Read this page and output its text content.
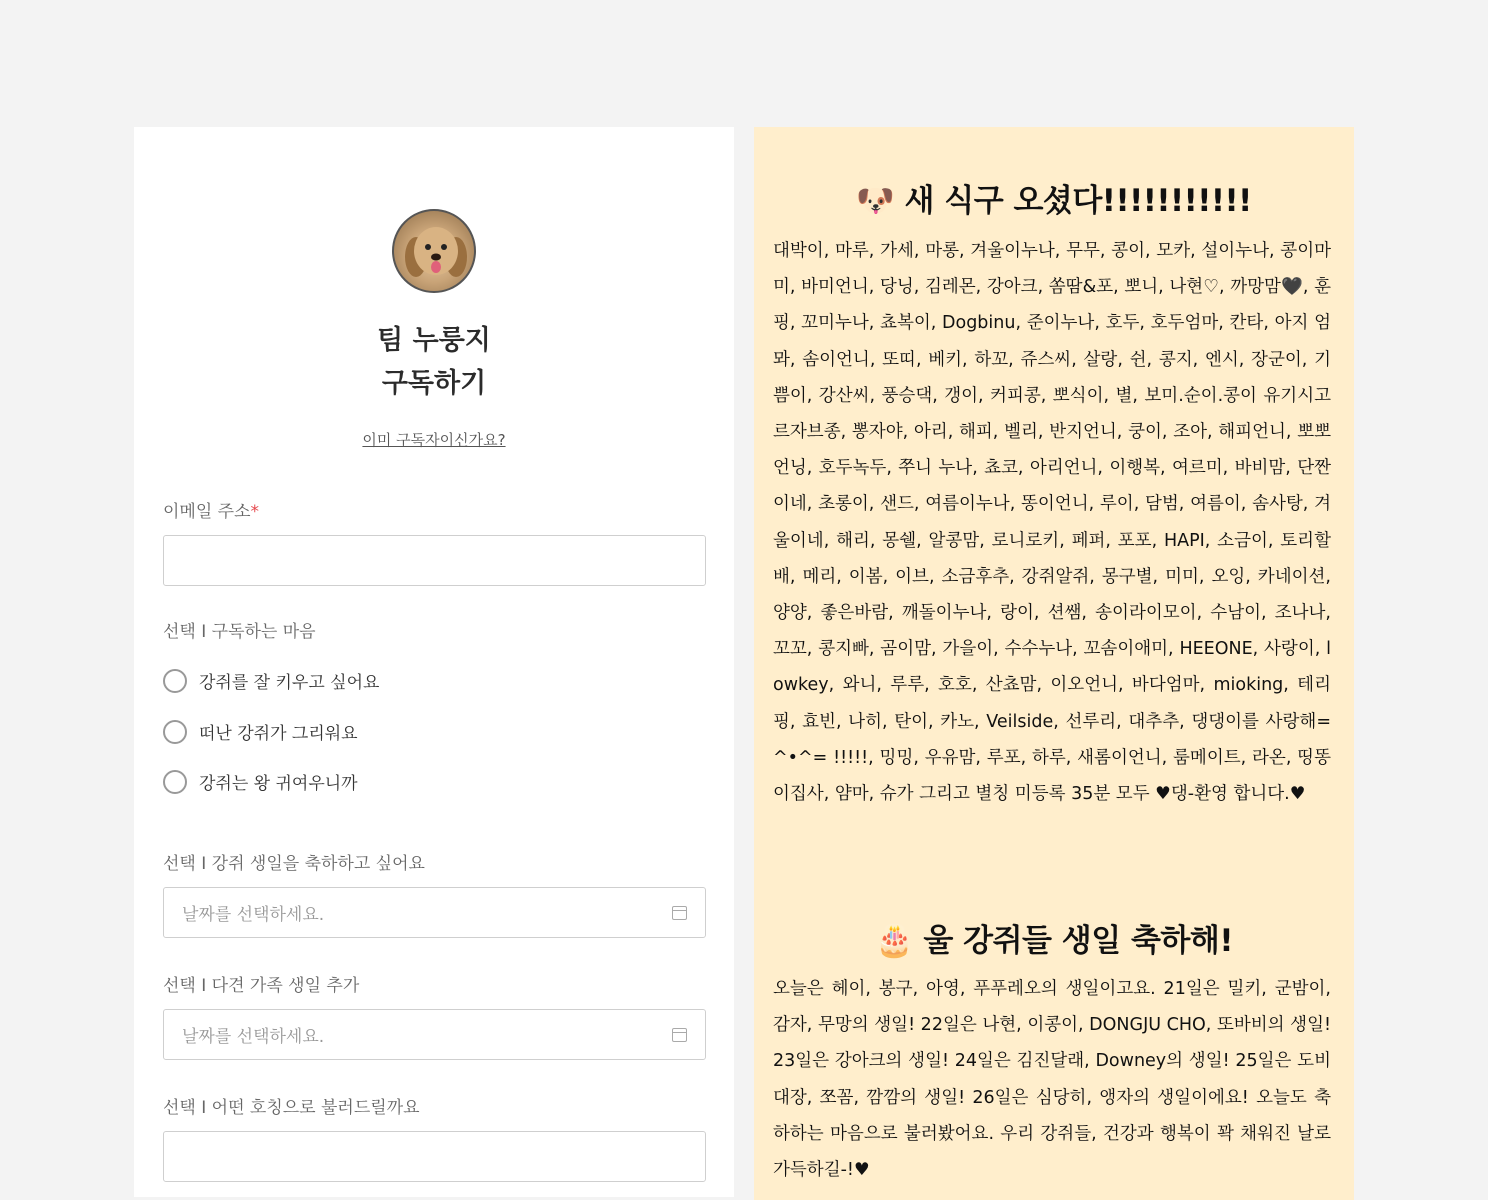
팀 누룽지
구독하기
이미 구독자이신가요?
이메일 주소*
선택 I 구독하는 마음
강쥐를 잘 키우고 싶어요
떠난 강쥐가 그리워요
강쥐는 왕 귀여우니까
선택 I 강쥐 생일을 축하하고 싶어요
날짜를 선택하세요.
선택 I 다견 가족 생일 추가
날짜를 선택하세요.
선택 I 어떤 호칭으로 불러드릴까요
🐶 새 식구 오셨다!!!!!!!!!!!

대박이, 마루, 가세, 마롱, 겨울이누나, 무무, 콩이, 모카, 설이누나, 콩이마미, 바미언니, 당닝, 김레몬, 강아크, 쏨땀&포, 뽀니, 나현♡, 까망맘🖤, 훈핑, 꼬미누나, 쵸복이, Dogbinu, 준이누나, 호두, 호두엄마, 칸타, 아지 엄뫄, 솜이언니, 또띠, 베키, 하꼬, 쥬스씨, 살랑, 쉰, 콩지, 엔시, 장군이, 기쁨이, 강산씨, 풍승댁, 갱이, 커피콩, 뽀식이, 별, 보미.순이.콩이 유기시고르자브종, 뽕자야, 아리, 해피, 벨리, 반지언니, 쿵이, 조아, 해피언니, 뽀뽀언닝, 호두녹두, 쭈니 누나, 쵸코, 아리언니, 이행복, 여르미, 바비맘, 단짠이네, 초롱이, 샌드, 여름이누나, 똥이언니, 루이, 담범, 여름이, 솜사탕, 겨울이네, 해리, 몽쉘, 알콩맘, 로니로키, 페퍼, 포포, HAPI, 소금이, 토리할배, 메리, 이봄, 이브, 소금후추, 강쥐알쥐, 몽구별, 미미, 오잉, 카네이션, 양양, 좋은바람, 깨돌이누나, 랑이, 션쌤, 송이라이모이, 수남이, 조나나, 꼬꼬, 콩지빠, 곰이맘, 가을이, 수수누나, 꼬솜이애미, HEEONE, 사랑이, lowkey, 와니, 루루, 호호, 산쵸맘, 이오언니, 바다엄마, mioking, 테리핑, 효빈, 나히, 탄이, 카노, Veilside, 선루리, 대추추, 댕댕이를 사랑해=^•^= !!!!!, 밍밍, 우유맘, 루포, 하루, 새롬이언니, 룸메이트, 라온, 띵똥이집사, 얌마, 슈가 그리고 별칭 미등록 35분 모두 ♥댕-환영 합니다.♥

🎂 울 강쥐들 생일 축하해!

오늘은 헤이, 봉구, 아영, 푸푸레오의 생일이고요. 21일은 밀키, 군밤이, 감자, 무망의 생일! 22일은 나현, 이콩이, DONGJU CHO, 또바비의 생일! 23일은 강아크의 생일! 24일은 김진달래, Downey의 생일! 25일은 도비대장, 쪼꼼, 깜깜의 생일! 26일은 심당히, 앵자의 생일이에요! 오늘도 축하하는 마음으로 불러봤어요. 우리 강쥐들, 건강과 행복이 꽉 채워진 날로 가득하길-!♥
